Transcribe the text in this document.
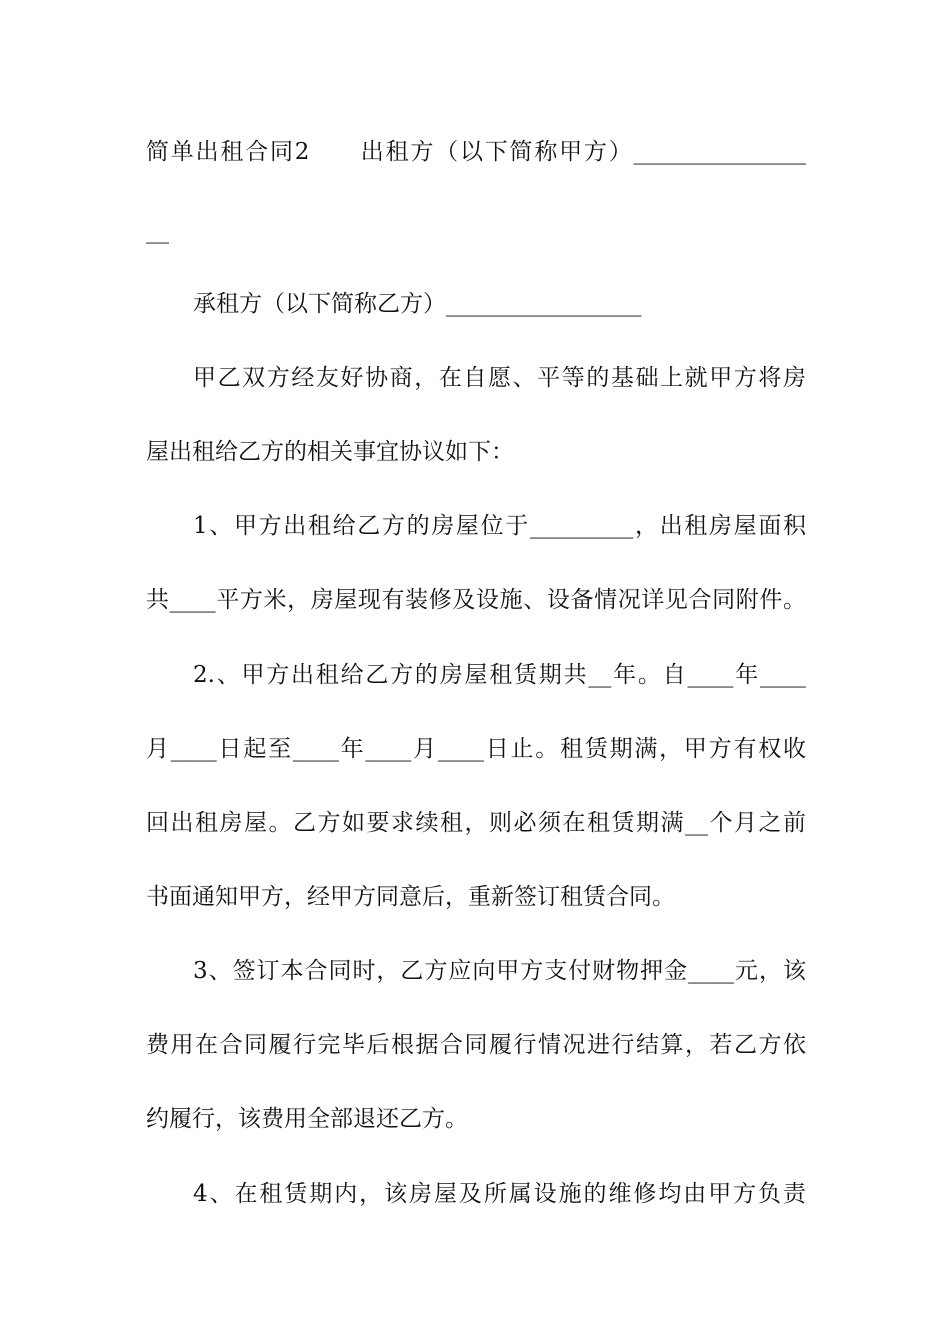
简单出租合同2　　出租方（以下简称甲方）_______________
__
承租方（以下简称乙方）_________________
甲乙双方经友好协商，在自愿、平等的基础上就甲方将房
屋出租给乙方的相关事宜协议如下：
1、甲方出租给乙方的房屋位于_________，出租房屋面积
共____平方米，房屋现有装修及设施、设备情况详见合同附件。
2.、甲方出租给乙方的房屋租赁期共__年。自____年____
月____日起至____年____月____日止。租赁期满，甲方有权收
回出租房屋。乙方如要求续租，则必须在租赁期满__个月之前
书面通知甲方，经甲方同意后，重新签订租赁合同。
3、签订本合同时，乙方应向甲方支付财物押金____元，该
费用在合同履行完毕后根据合同履行情况进行结算，若乙方依
约履行，该费用全部退还乙方。
4、在租赁期内，该房屋及所属设施的维修均由甲方负责
